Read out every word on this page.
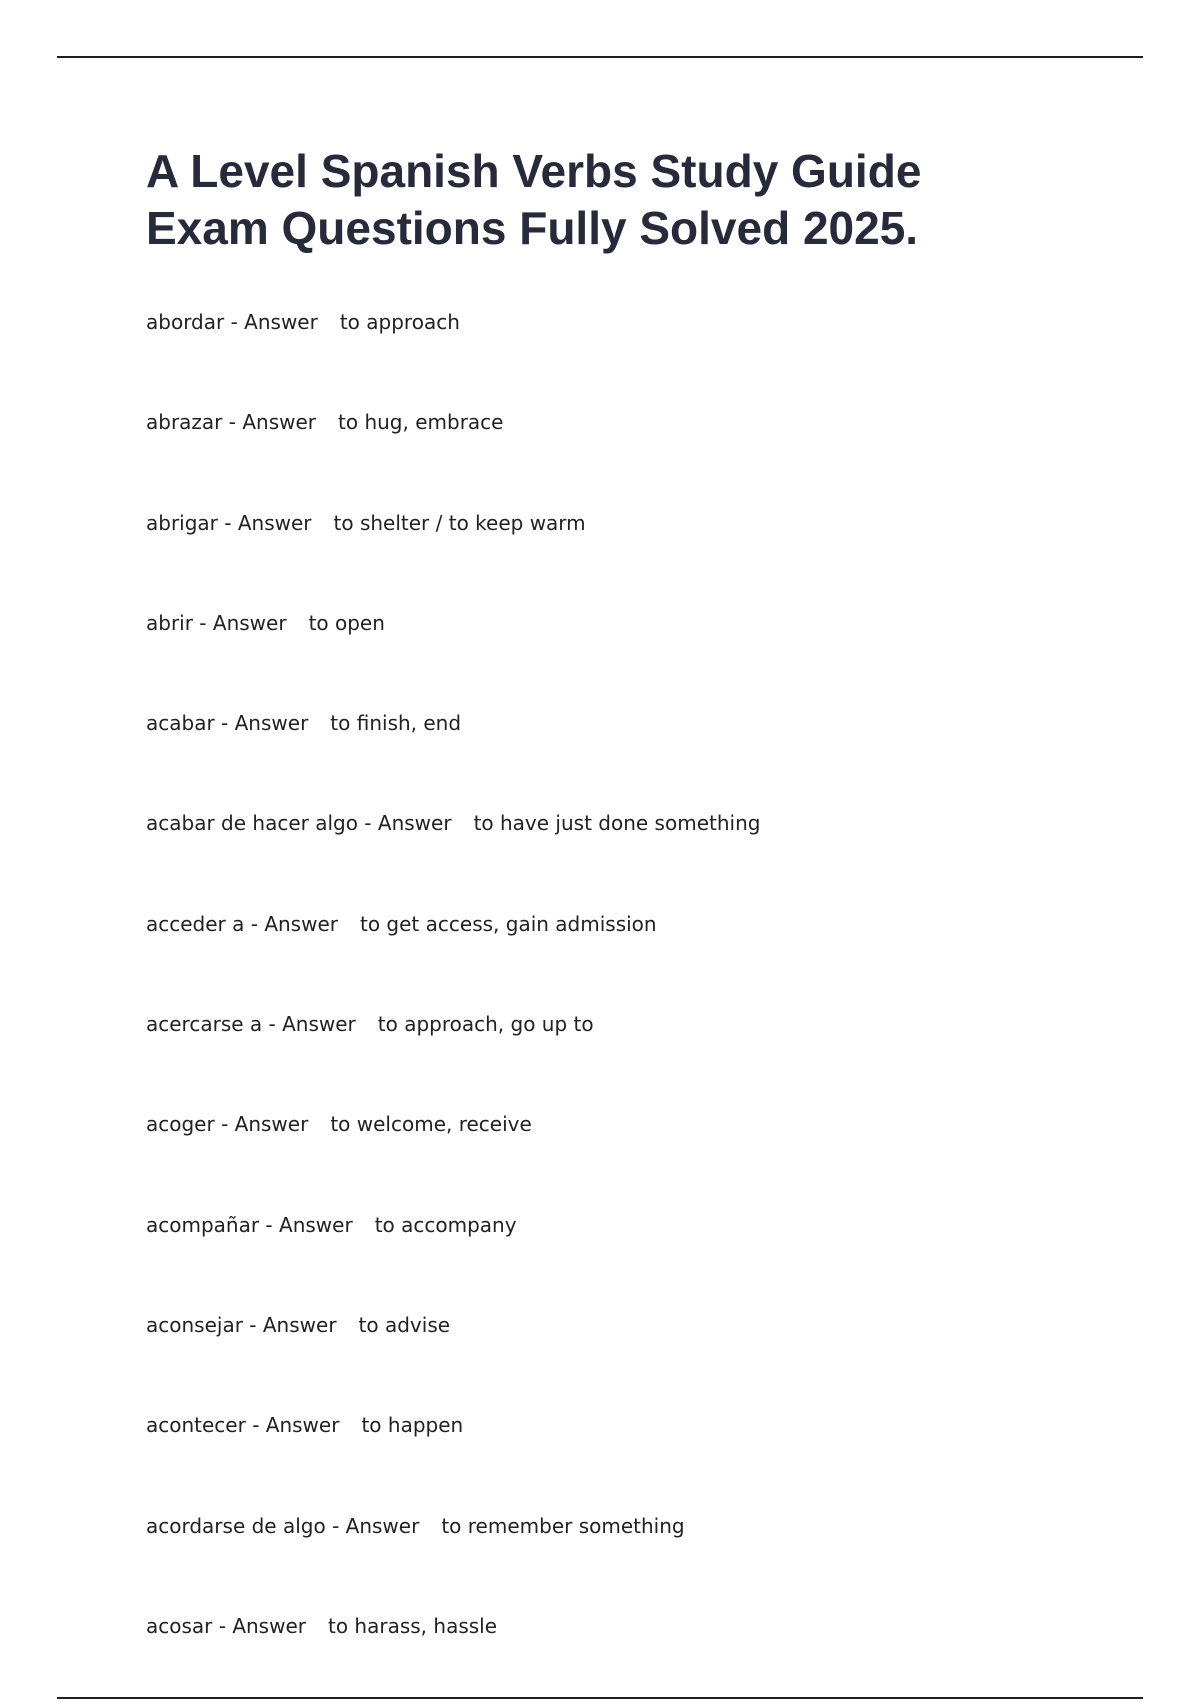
A Level Spanish Verbs Study Guide
Exam Questions Fully Solved 2025.
abordar - Answer to approach
abrazar - Answer to hug, embrace
abrigar - Answer to shelter / to keep warm
abrir - Answer to open
acabar - Answer to finish, end
acabar de hacer algo - Answer to have just done something
acceder a - Answer to get access, gain admission
acercarse a - Answer to approach, go up to
acoger - Answer to welcome, receive
acompañar - Answer to accompany
aconsejar - Answer to advise
acontecer - Answer to happen
acordarse de algo - Answer to remember something
acosar - Answer to harass, hassle
